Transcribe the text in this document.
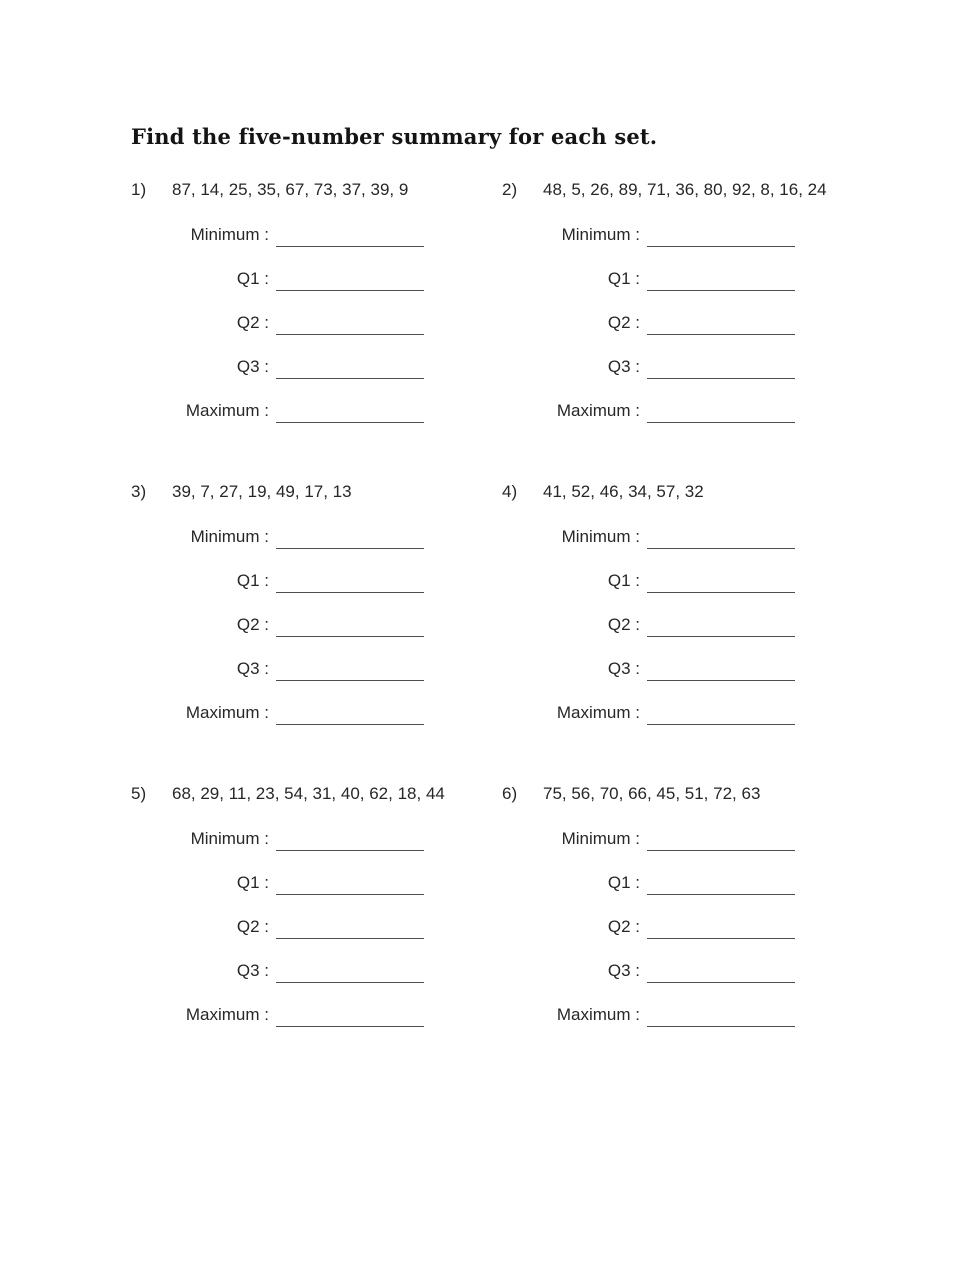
Find the five-number summary for each set.
1)	87, 14, 25, 35, 67, 73, 37, 39, 9
Minimum :
Q1 :
Q2 :
Q3 :
Maximum :
2)	48, 5, 26, 89, 71, 36, 80, 92, 8, 16, 24
Minimum :
Q1 :
Q2 :
Q3 :
Maximum :
3)	39, 7, 27, 19, 49, 17, 13
Minimum :
Q1 :
Q2 :
Q3 :
Maximum :
4)	41, 52, 46, 34, 57, 32
Minimum :
Q1 :
Q2 :
Q3 :
Maximum :
5)	68, 29, 11, 23, 54, 31, 40, 62, 18, 44
Minimum :
Q1 :
Q2 :
Q3 :
Maximum :
6)	75, 56, 70, 66, 45, 51, 72, 63
Minimum :
Q1 :
Q2 :
Q3 :
Maximum :
